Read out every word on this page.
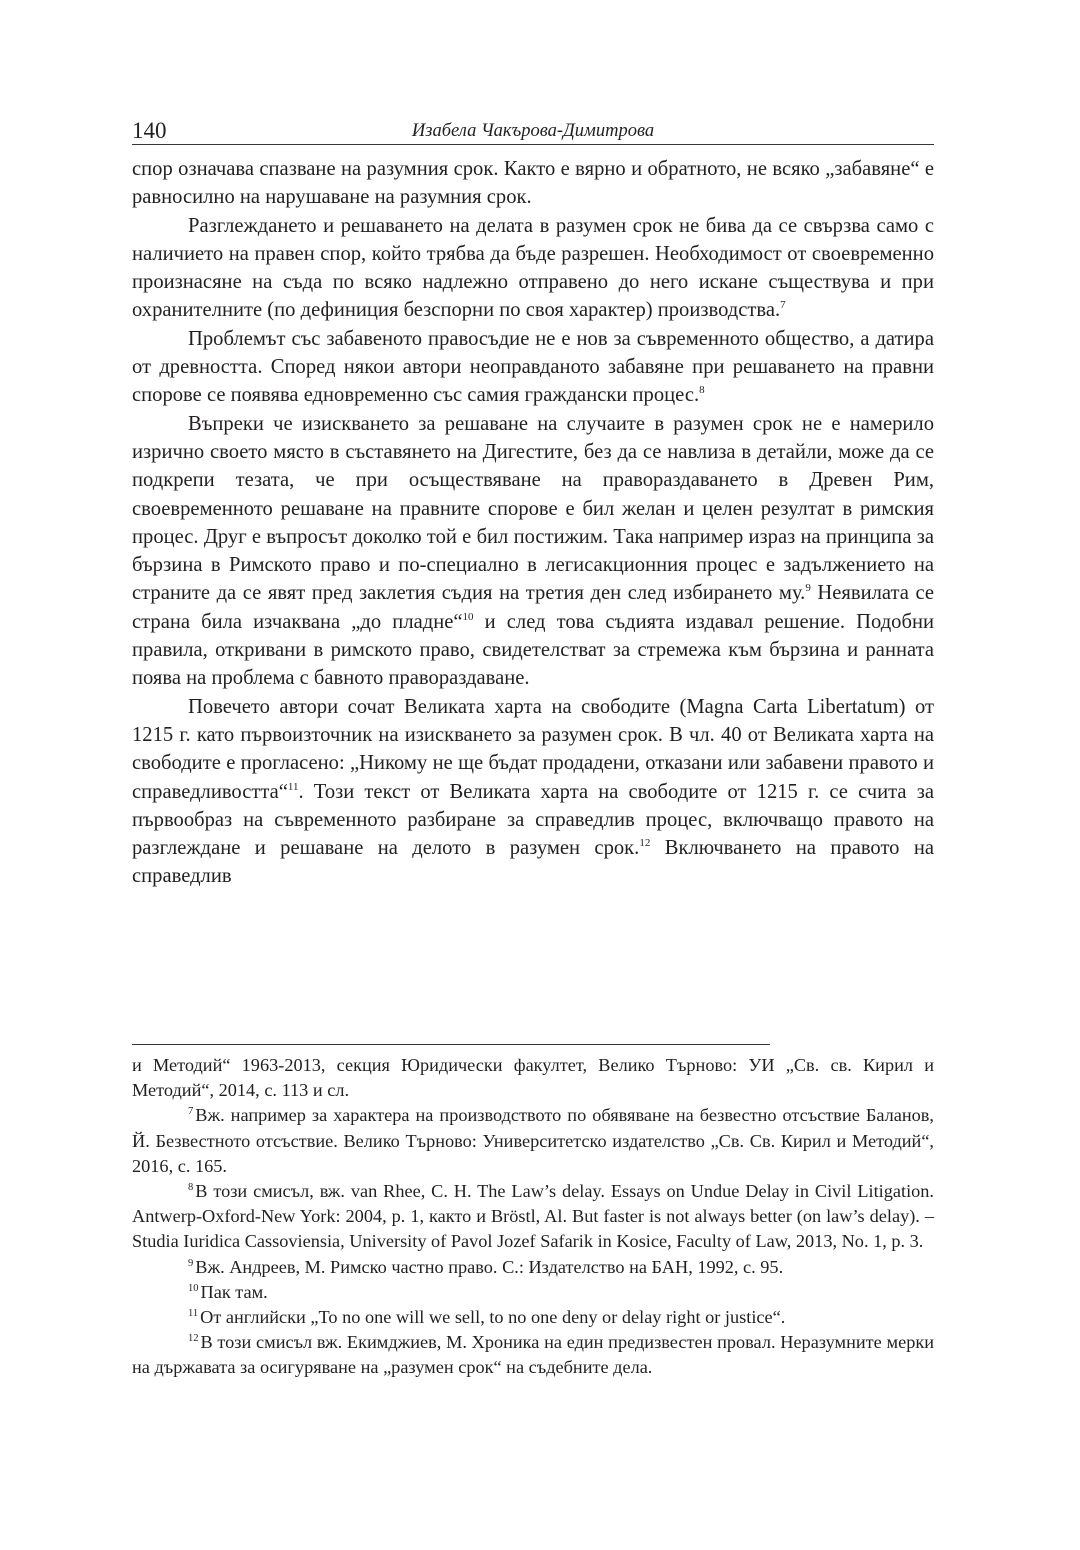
140	Изабела Чакърова-Димитрова

спор означава спазване на разумния срок. Както е вярно и обратното, не всяко „забавяне“ е равносилно на нарушаване на разумния срок.

Разглеждането и решаването на делата в разумен срок не бива да се свързва само с наличието на правен спор, който трябва да бъде разрешен. Необходимост от своевременно произнасяне на съда по всяко надлежно отправено до него искане съществува и при охранителните (по дефиниция безспорни по своя характер) производства.$^7$

Проблемът със забавеното правосъдие не е нов за съвременното общество, а датира от древността. Според някои автори неоправданото забавяне при решаването на правни спорове се появява едновременно със самия граждански процес.$^8$

Въпреки че изискването за решаване на случаите в разумен срок не е намерило изрично своето място в съставянето на Дигестите, без да се навлиза в детайли, може да се подкрепи тезата, че при осъществяване на правораздaването в Древен Рим, своевременното решаване на правните спорове е бил желан и целен резултат в римския процес. Друг е въпросът доколко той е бил постижим. Така например израз на принципа за бързина в Римското право и по-специално в легисакционния процес е задължението на страните да се явят пред заклетия съдия на третия ден след избирането му.$^9$ Неявилата се страна била изчаквана „до пладне“$^{10}$ и след това съдията издавал решение. Подобни правила, откривани в римското право, свидетелстват за стремежа към бързина и ранната поява на проблема с бавното правораздаване.

Повечето автори сочат Великата харта на свободите (Magna Carta Libertatum) от 1215 г. като първоизточник на изискването за разумен срок. В чл. 40 от Великата харта на свободите е прогласено: „Никому не ще бъдат продадени, отказани или забавени правото и справедливостта“$^{11}$. Този текст от Великата харта на свободите от 1215 г. се счита за първообраз на съвременното разбиране за справедлив процес, включващо правото на разглеждане и решаване на делото в разумен срок.$^{12}$ Включването на правото на справедлив

и Методий“ 1963-2013, секция Юридически факултет, Велико Търново: УИ „Св. св. Кирил и Методий“, 2014, с. 113 и сл.

$^7$ Вж. например за характера на производството по обявяване на безвестно отсъствие Баланов, Й. Безвестното отсъствие. Велико Търново: Университетско издателство „Св. Св. Кирил и Методий“, 2016, с. 165.

$^8$ В този смисъл, вж. van Rhee, C. H. The Law’s delay. Essays on Undue Delay in Civil Litigation. Antwerp-Oxford-New York: 2004, p. 1, както и Bröstl, Al. But faster is not always better (on law’s delay). – Studia Iuridica Cassoviensia, University of Pavol Jozef Safarik in Kosice, Faculty of Law, 2013, No. 1, p. 3.

$^9$ Вж. Андреев, М. Римско частно право. С.: Издателство на БАН, 1992, с. 95.

$^{10}$ Пак там.

$^{11}$ От английски „To no one will we sell, to no one deny or delay right or justice“.

$^{12}$ В този смисъл вж. Екимджиев, М. Хроника на един предизвестен провал. Неразумните мерки на държавата за осигуряване на „разумен срок“ на съдебните дела.
